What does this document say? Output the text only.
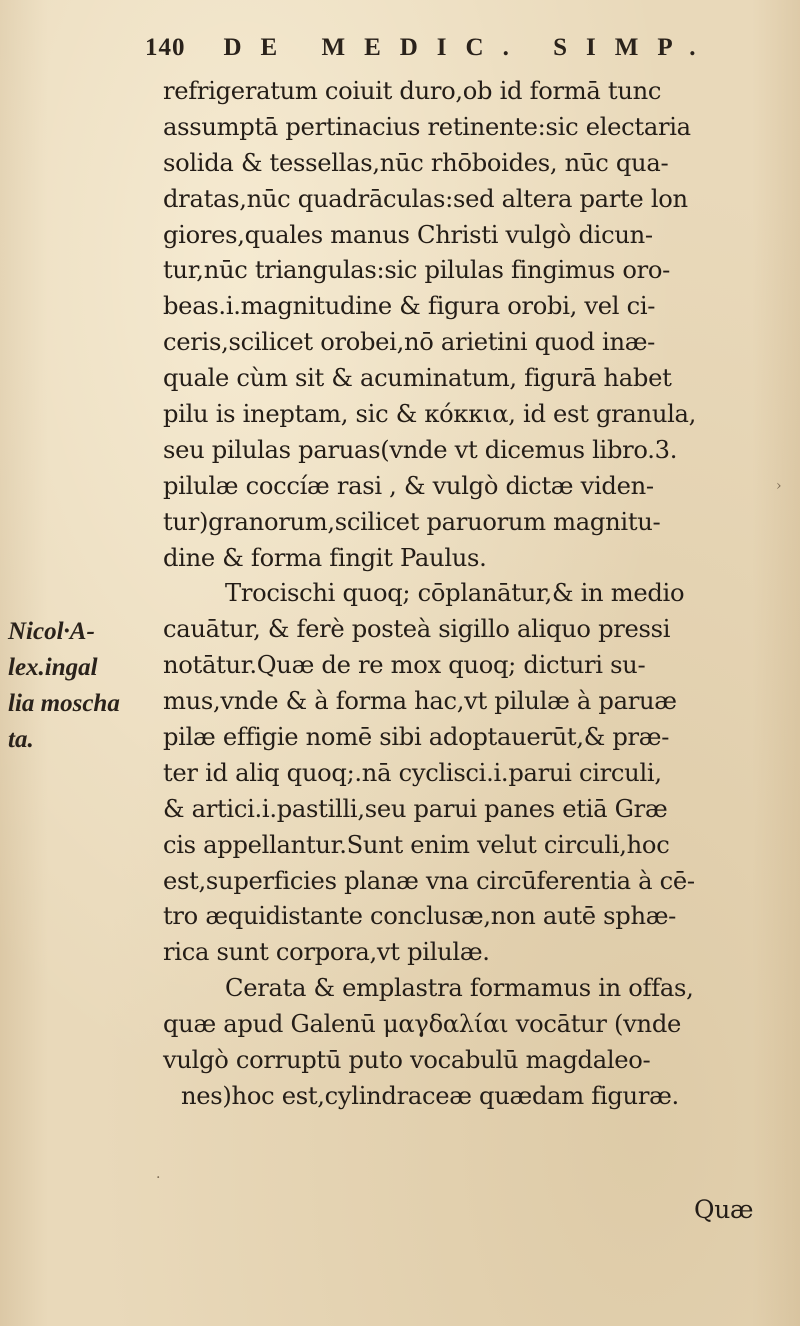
140	DE MEDIC. SIMP.
Nicol·A-
lex.ingal
lia moscha
ta.
refrigeratum coiuit duro,ob id formā tunc
assumptā pertinacius retinente:sic electaria
solida & tessellas,nūc rhōboides, nūc qua-
dratas,nūc quadrāculas:sed altera parte lon
giores,quales manus Christi vulgò dicun-
tur,nūc triangulas:sic pilulas fingimus oro-
beas.i.magnitudine & figura orobi, vel ci-
ceris,scilicet orobei,nō arietini quod inæ-
quale cùm sit & acuminatum, figurā habet
pilu is ineptam, sic & κόκκια, id est granula,
seu pilulas paruas(vnde vt dicemus libro.3.
pilulæ coccíæ rasi , & vulgò dictæ viden-
tur)granorum,scilicet paruorum magnitu-
dine & forma fingit Paulus.
Trocischi quoq; cōplanātur,& in medio
cauātur, & ferè posteà sigillo aliquo pressi
notātur.Quæ de re mox quoq; dicturi su-
mus,vnde & à forma hac,vt pilulæ à paruæ
pilæ effigie nomē sibi adoptauerūt,& præ-
ter id aliq quoq;.nā cyclisci.i.parui circuli,
& artici.i.pastilli,seu parui panes etiā Græ
cis appellantur.Sunt enim velut circuli,hoc
est,superficies planæ vna circūferentia à cē-
tro æquidistante conclusæ,non autē sphæ-
rica sunt corpora,vt pilulæ.
Cerata & emplastra formamus in offas,
quæ apud Galenū μαγδαλίαι vocātur (vnde
vulgò corruptū puto vocabulū magdaleo-
nes)hoc est,cylindraceæ quædam figuræ.
Quæ
›
.
